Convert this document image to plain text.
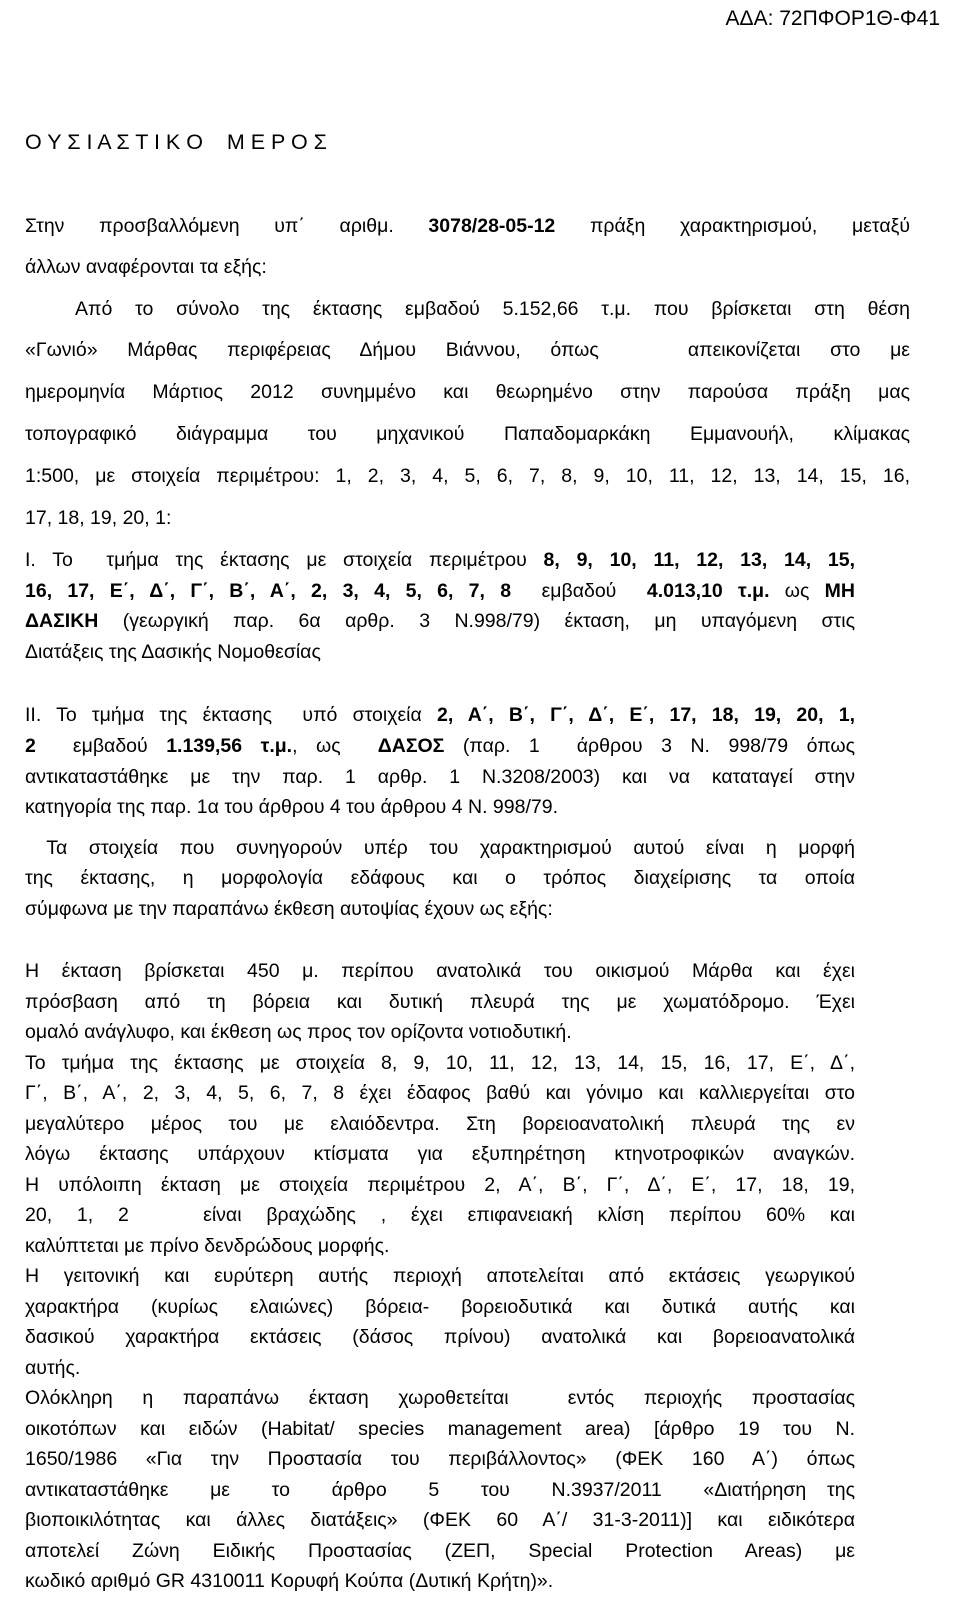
ΑΔΑ: 72ΠΦΟΡ1Θ-Φ41
Ο Υ Σ Ι Α Σ Τ Ι Κ Ο    Μ Ε Ρ Ο Σ
Στην προσβαλλόμενη υπ΄ αριθμ. 3078/28-05-12 πράξη χαρακτηρισμού, μεταξύ
άλλων αναφέρονται τα εξής:
Από το σύνολο της έκτασης εμβαδού 5.152,66 τ.μ. που βρίσκεται στη θέση
«Γωνιό» Μάρθας περιφέρειας Δήμου Βιάννου, όπως   απεικονίζεται στο με
ημερομηνία Μάρτιος 2012 συνημμένο και θεωρημένο στην παρούσα πράξη μας
τοπογραφικό διάγραμμα του μηχανικού Παπαδομαρκάκη Εμμανουήλ, κλίμακας
1:500, με στοιχεία περιμέτρου: 1, 2, 3, 4, 5, 6, 7, 8, 9, 10, 11, 12, 13, 14, 15, 16,
17, 18, 19, 20, 1:
Ι. Το  τμήμα της έκτασης με στοιχεία περιμέτρου 8, 9, 10, 11, 12, 13, 14, 15,
16, 17, Ε΄, Δ΄, Γ΄, Β΄, Α΄, 2, 3, 4, 5, 6, 7, 8  εμβαδού  4.013,10 τ.μ. ως ΜΗ
ΔΑΣΙΚΗ (γεωργική παρ. 6α αρθρ. 3 Ν.998/79) έκταση, μη υπαγόμενη στις
Διατάξεις της Δασικής Νομοθεσίας
ΙΙ. Το τμήμα της έκτασης  υπό στοιχεία 2, Α΄, Β΄, Γ΄, Δ΄, Ε΄, 17, 18, 19, 20, 1,
2  εμβαδού 1.139,56 τ.μ., ως  ΔΑΣΟΣ (παρ. 1  άρθρου 3 Ν. 998/79 όπως
αντικαταστάθηκε με την παρ. 1 αρθρ. 1 Ν.3208/2003) και να καταταγεί στην
κατηγορία της παρ. 1α του άρθρου 4 του άρθρου 4 Ν. 998/79.
Τα στοιχεία που συνηγορούν υπέρ του χαρακτηρισμού αυτού είναι η μορφή
της έκτασης, η μορφολογία εδάφους και ο τρόπος διαχείρισης τα οποία
σύμφωνα με την παραπάνω έκθεση αυτοψίας έχουν ως εξής:
Η έκταση βρίσκεται 450 μ. περίπου ανατολικά του οικισμού Μάρθα και έχει
πρόσβαση από τη βόρεια και δυτική πλευρά της με χωματόδρομο. Έχει
ομαλό ανάγλυφο, και έκθεση ως προς τον ορίζοντα νοτιοδυτική.
Το τμήμα της έκτασης με στοιχεία 8, 9, 10, 11, 12, 13, 14, 15, 16, 17, Ε΄, Δ΄,
Γ΄, Β΄, Α΄, 2, 3, 4, 5, 6, 7, 8 έχει έδαφος βαθύ και γόνιμο και καλλιεργείται στο
μεγαλύτερο μέρος του με ελαιόδεντρα. Στη βορειοανατολική πλευρά της εν
λόγω έκτασης υπάρχουν κτίσματα για εξυπηρέτηση κτηνοτροφικών αναγκών.
Η υπόλοιπη έκταση με στοιχεία περιμέτρου 2, Α΄, Β΄, Γ΄, Δ΄, Ε΄, 17, 18, 19,
20, 1, 2   είναι βραχώδης , έχει επιφανειακή κλίση περίπου 60% και
καλύπτεται με πρίνο δενδρώδους μορφής.
Η γειτονική και ευρύτερη αυτής περιοχή αποτελείται από εκτάσεις γεωργικού
χαρακτήρα (κυρίως ελαιώνες) βόρεια- βορειοδυτικά και δυτικά αυτής και
δασικού χαρακτήρα εκτάσεις (δάσος πρίνου) ανατολικά και βορειοανατολικά
αυτής.
Ολόκληρη η παραπάνω έκταση χωροθετείται  εντός περιοχής προστασίας
οικοτόπων και ειδών (Habitat/ species management area) [άρθρο 19 του Ν.
1650/1986 «Για την Προστασία του περιβάλλοντος» (ΦΕΚ 160 Α΄) όπως
αντικαταστάθηκε  με  το  άρθρο  5  του  Ν.3937/2011  «Διατήρηση της
βιοποικιλότητας και άλλες διατάξεις» (ΦΕΚ 60 Α΄/ 31-3-2011)] και ειδικότερα
αποτελεί Ζώνη Ειδικής Προστασίας (ΖΕΠ, Special Protection Areas) με
κωδικό αριθμό GR 4310011 Κορυφή Κούπα (Δυτική Κρήτη)».
